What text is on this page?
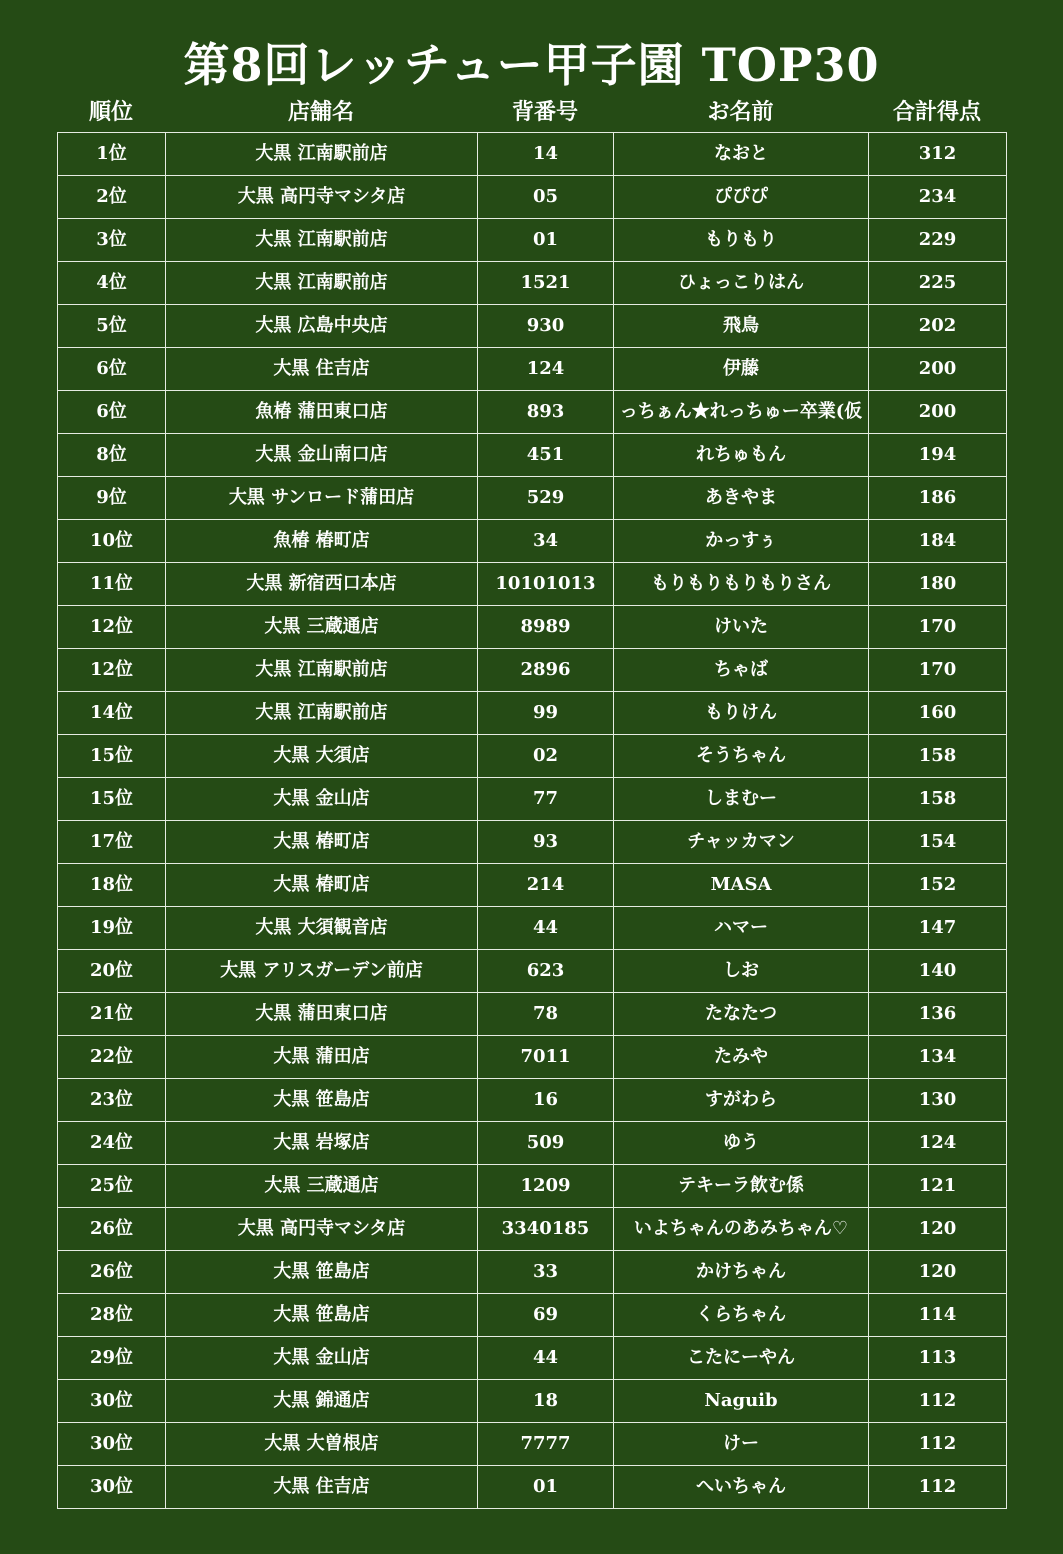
第8回レッチュー甲子園 TOP30
順位	店舗名	背番号	お名前	合計得点
1位	大黒 江南駅前店	14	なおと	312
2位	大黒 高円寺マシタ店	05	ぴぴぴ	234
3位	大黒 江南駅前店	01	もりもり	229
4位	大黒 江南駅前店	1521	ひょっこりはん	225
5位	大黒 広島中央店	930	飛鳥	202
6位	大黒 住吉店	124	伊藤	200
6位	魚椿 蒲田東口店	893	っちぁん★れっちゅー卒業(仮	200
8位	大黒 金山南口店	451	れちゅもん	194
9位	大黒 サンロード蒲田店	529	あきやま	186
10位	魚椿 椿町店	34	かっすぅ	184
11位	大黒 新宿西口本店	10101013	もりもりもりもりさん	180
12位	大黒 三蔵通店	8989	けいた	170
12位	大黒 江南駅前店	2896	ちゃば	170
14位	大黒 江南駅前店	99	もりけん	160
15位	大黒 大須店	02	そうちゃん	158
15位	大黒 金山店	77	しまむー	158
17位	大黒 椿町店	93	チャッカマン	154
18位	大黒 椿町店	214	MASA	152
19位	大黒 大須観音店	44	ハマー	147
20位	大黒 アリスガーデン前店	623	しお	140
21位	大黒 蒲田東口店	78	たなたつ	136
22位	大黒 蒲田店	7011	たみや	134
23位	大黒 笹島店	16	すがわら	130
24位	大黒 岩塚店	509	ゆう	124
25位	大黒 三蔵通店	1209	テキーラ飲む係	121
26位	大黒 高円寺マシタ店	3340185	いよちゃんのあみちゃん♡	120
26位	大黒 笹島店	33	かけちゃん	120
28位	大黒 笹島店	69	くらちゃん	114
29位	大黒 金山店	44	こたにーやん	113
30位	大黒 錦通店	18	Naguib	112
30位	大黒 大曽根店	7777	けー	112
30位	大黒 住吉店	01	へいちゃん	112
